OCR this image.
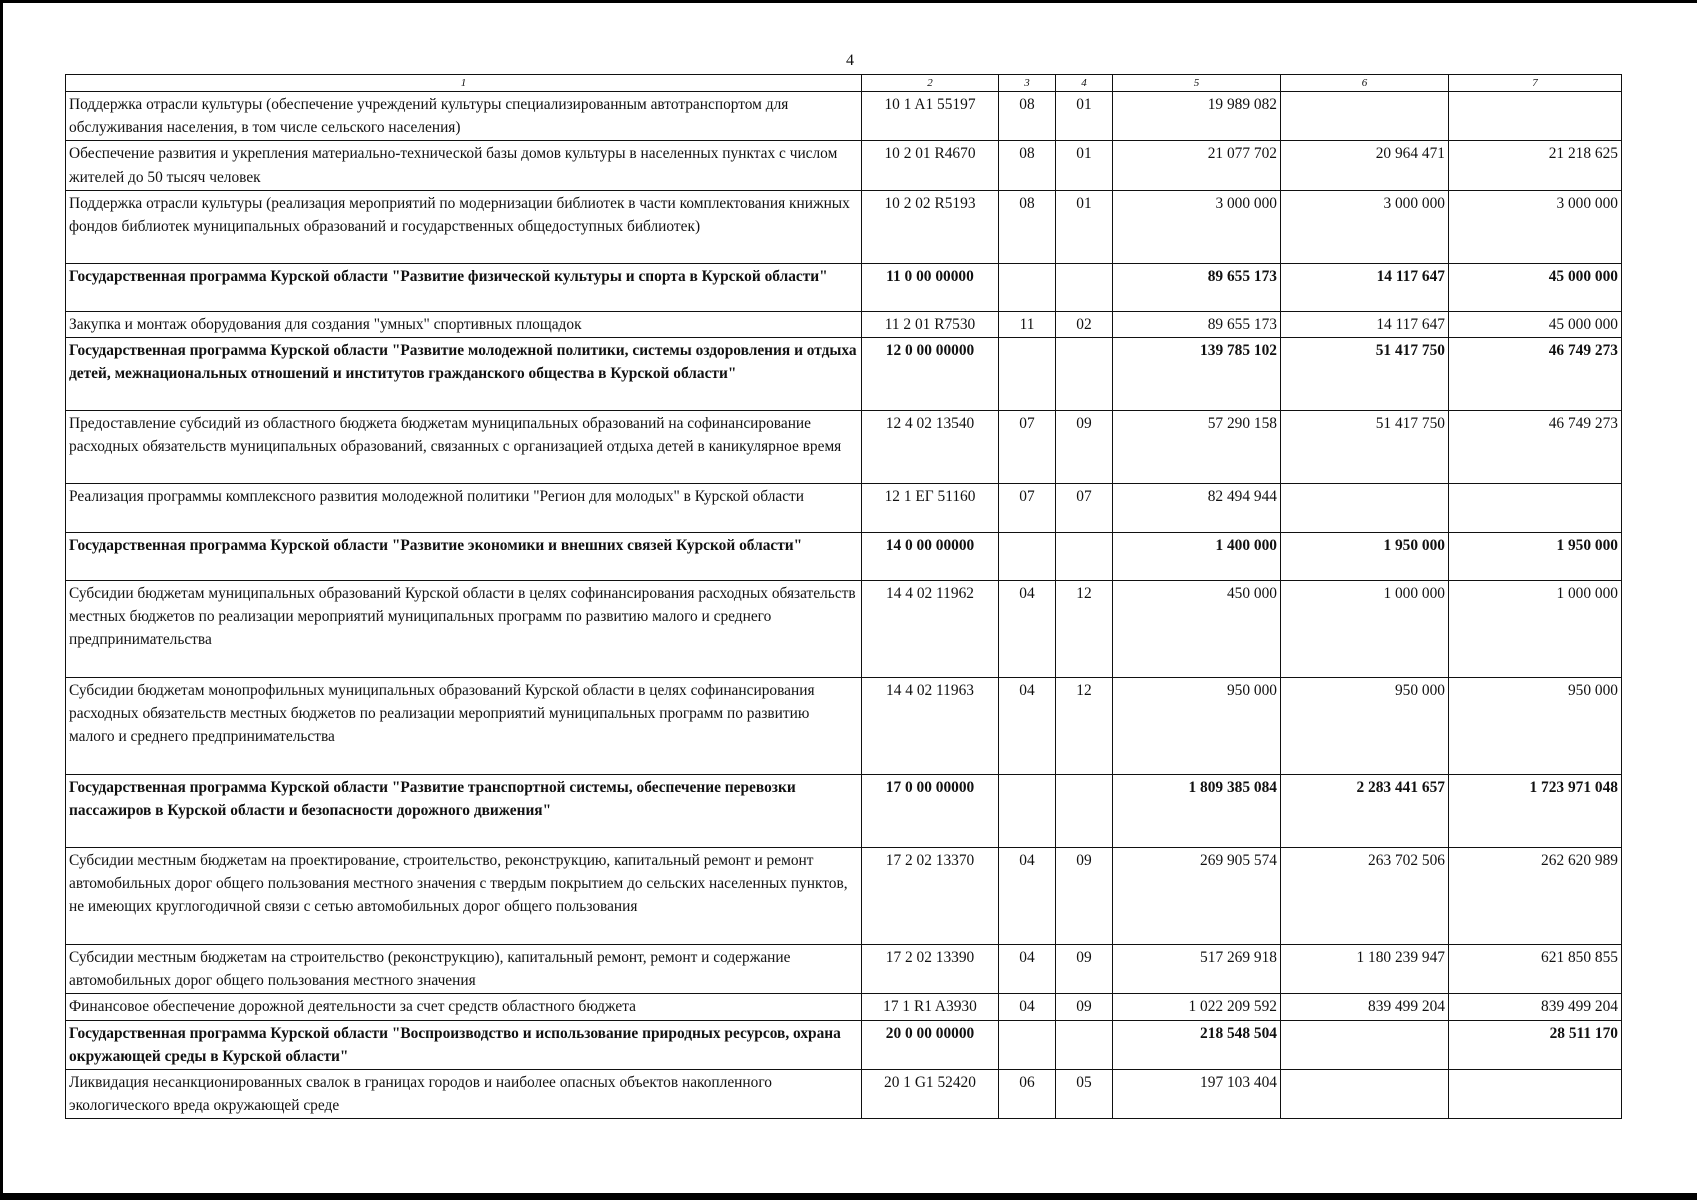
4
1	2	3	4	5	6	7
Поддержка отрасли культуры (обеспечение учреждений культуры специализированным автотранспортом для обслуживания населения, в том числе сельского населения)	10 1 A1 55197	08	01	19 989 082		
Обеспечение развития и укрепления материально-технической базы домов культуры в населенных пунктах с числом жителей до 50 тысяч человек	10 2 01 R4670	08	01	21 077 702	20 964 471	21 218 625
Поддержка отрасли культуры (реализация мероприятий по модернизации библиотек в части комплектования книжных фондов библиотек муниципальных образований и государственных общедоступных библиотек)	10 2 02 R5193	08	01	3 000 000	3 000 000	3 000 000
Государственная программа Курской области "Развитие физической культуры и спорта в Курской области"	11 0 00 00000			89 655 173	14 117 647	45 000 000
Закупка и монтаж оборудования для создания "умных" спортивных площадок	11 2 01 R7530	11	02	89 655 173	14 117 647	45 000 000
Государственная программа Курской области "Развитие молодежной политики, системы оздоровления и отдыха детей, межнациональных отношений и институтов гражданского общества в Курской области"	12 0 00 00000			139 785 102	51 417 750	46 749 273
Предоставление субсидий из областного бюджета бюджетам муниципальных образований на софинансирование расходных обязательств муниципальных образований, связанных с организацией отдыха детей в каникулярное время	12 4 02 13540	07	09	57 290 158	51 417 750	46 749 273
Реализация программы комплексного развития молодежной политики "Регион для молодых" в Курской области	12 1 ЕГ 51160	07	07	82 494 944		
Государственная программа Курской области "Развитие экономики и внешних связей Курской области"	14 0 00 00000			1 400 000	1 950 000	1 950 000
Субсидии бюджетам муниципальных образований Курской области в целях софинансирования расходных обязательств местных бюджетов по реализации мероприятий муниципальных программ по развитию малого и среднего предпринимательства	14 4 02 11962	04	12	450 000	1 000 000	1 000 000
Субсидии бюджетам монопрофильных муниципальных образований Курской области в целях софинансирования расходных обязательств местных бюджетов по реализации мероприятий муниципальных программ по развитию малого и среднего предпринимательства	14 4 02 11963	04	12	950 000	950 000	950 000
Государственная программа Курской области "Развитие транспортной системы, обеспечение перевозки пассажиров в Курской области и безопасности дорожного движения"	17 0 00 00000			1 809 385 084	2 283 441 657	1 723 971 048
Субсидии местным бюджетам на проектирование, строительство, реконструкцию, капитальный ремонт и ремонт автомобильных дорог общего пользования местного значения с твердым покрытием до сельских населенных пунктов, не имеющих круглогодичной связи с сетью автомобильных дорог общего пользования	17 2 02 13370	04	09	269 905 574	263 702 506	262 620 989
Субсидии местным бюджетам на строительство (реконструкцию), капитальный ремонт, ремонт и содержание автомобильных дорог общего пользования местного значения	17 2 02 13390	04	09	517 269 918	1 180 239 947	621 850 855
Финансовое обеспечение дорожной деятельности за счет средств областного бюджета	17 1 R1 A3930	04	09	1 022 209 592	839 499 204	839 499 204
Государственная программа Курской области "Воспроизводство и использование природных ресурсов, охрана окружающей среды в Курской области"	20 0 00 00000			218 548 504		28 511 170
Ликвидация несанкционированных свалок в границах городов и наиболее опасных объектов накопленного экологического вреда окружающей среде	20 1 G1 52420	06	05	197 103 404		
